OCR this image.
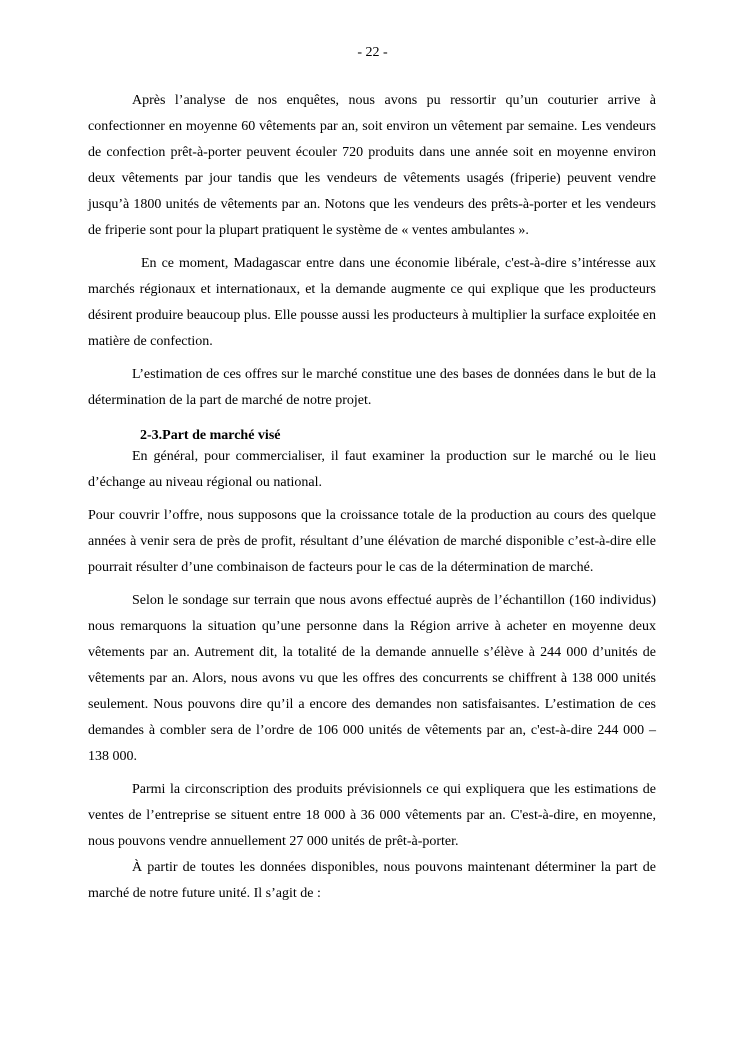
- 22 -

Après l’analyse de nos enquêtes, nous avons pu ressortir qu’un couturier arrive à confectionner en moyenne 60 vêtements par an, soit environ un vêtement par semaine. Les vendeurs de confection prêt-à-porter peuvent écouler 720 produits dans une année soit en moyenne environ deux vêtements par jour tandis que les vendeurs de vêtements usagés (friperie) peuvent vendre jusqu’à 1800 unités de vêtements par an. Notons que les vendeurs des prêts-à-porter et les vendeurs de friperie sont pour la plupart pratiquent le système de « ventes ambulantes ».

En ce moment, Madagascar entre dans une économie libérale, c'est-à-dire s’intéresse aux marchés régionaux et internationaux, et la demande augmente ce qui explique que les producteurs désirent produire beaucoup plus. Elle pousse aussi les producteurs à multiplier la surface exploitée en matière de confection.

L’estimation de ces offres sur le marché constitue une des bases de données dans le but de la détermination de la part de marché de notre projet.

2-3.Part de marché visé

En général, pour commercialiser, il faut examiner la production sur le marché ou le lieu d’échange au niveau régional ou national.

Pour couvrir l’offre, nous supposons que la croissance totale de la production au cours des quelque années à venir sera de près de profit, résultant d’une élévation de marché disponible c’est-à-dire elle pourrait résulter d’une combinaison de facteurs pour le cas de la détermination de marché.

Selon le sondage sur terrain que nous avons effectué auprès de l’échantillon (160 individus) nous remarquons la situation qu’une personne dans la Région arrive à acheter en moyenne deux vêtements par an. Autrement dit, la totalité de la demande annuelle s’élève à 244 000 d’unités de vêtements par an. Alors, nous avons vu que les offres des concurrents se chiffrent à 138 000 unités seulement. Nous pouvons dire qu’il a encore des demandes non satisfaisantes. L’estimation de ces demandes à combler sera de l’ordre de 106 000 unités de vêtements par an, c'est-à-dire 244 000 – 138 000.

Parmi la circonscription des produits prévisionnels ce qui expliquera que les estimations de ventes de l’entreprise se situent entre 18 000 à 36 000 vêtements par an. C'est-à-dire, en moyenne, nous pouvons vendre annuellement 27 000 unités de prêt-à-porter.

À partir de toutes les données disponibles, nous pouvons maintenant déterminer la part de marché de notre future unité. Il s’agit de :
